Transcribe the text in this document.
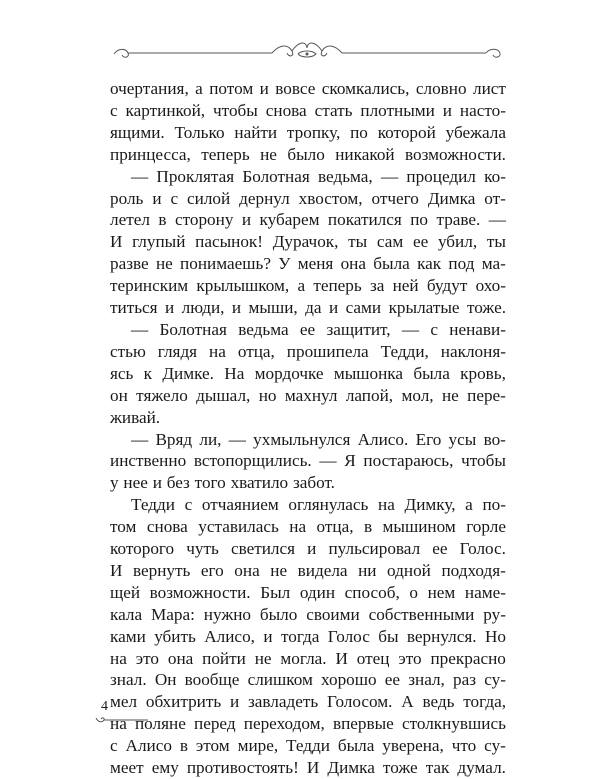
очертания, а потом и вовсе скомкались, словно лист
с картинкой, чтобы снова стать плотными и наcто-
ящими. Только найти тропку, по которой убежала
принцесса, теперь не было никакой возможности.
— Проклятая Болотная ведьма, — процедил ко-
роль и с силой дернул хвостом, отчего Димка от-
летел в сторону и кубарем покатился по траве. —
И глупый пасынок! Дурачок, ты сам ее убил, ты
разве не понимаешь? У меня она была как под ма-
теринским крылышком, а теперь за ней будут охо-
титься и люди, и мыши, да и сами крылатые тоже.
— Болотная ведьма ее защитит, — с ненави-
стью глядя на отца, прошипела Тедди, наклоня-
ясь к Димке. На мордочке мышонка была кровь,
он тяжело дышал, но махнул лапой, мол, не пере-
живай.
— Вряд ли, — ухмыльнулся Алисо. Его усы во-
инственно встопорщились. — Я постараюсь, чтобы
у нее и без того хватило забот.
Тедди с отчаянием оглянулась на Димку, а по-
том снова уставилась на отца, в мышином горле
которого чуть светился и пульсировал ее Голос.
И вернуть его она не видела ни одной подходя-
щей возможности. Был один способ, о нем наме-
кала Мара: нужно было своими собственными ру-
ками убить Алисо, и тогда Голос бы вернулся. Но
на это она пойти не могла. И отец это прекрасно
знал. Он вообще слишком хорошо ее знал, раз су-
мел обхитрить и завладеть Голосом. А ведь тогда,
на поляне перед переходом, впервые столкнувшись
с Алисо в этом мире, Тедди была уверена, что су-
меет ему противостоять! И Димка тоже так думал.
4
